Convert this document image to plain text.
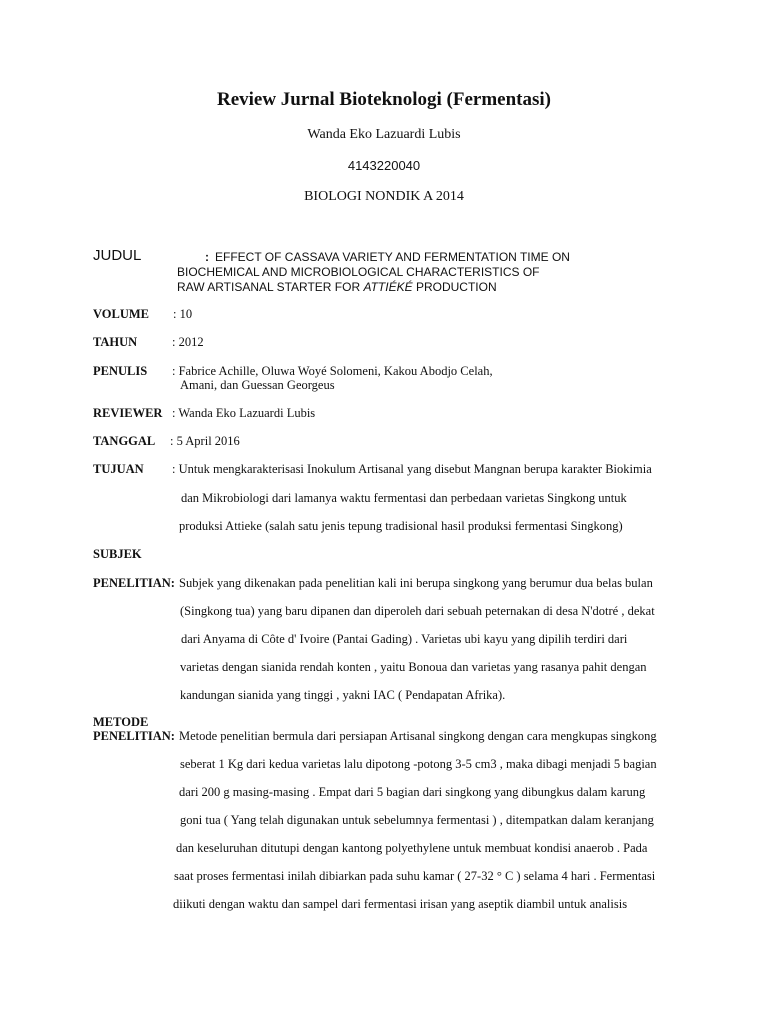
Review Jurnal Bioteknologi (Fermentasi)
Wanda Eko Lazuardi Lubis
4143220040
BIOLOGI NONDIK A 2014
JUDUL	: EFFECT OF CASSAVA VARIETY AND FERMENTATION TIME ON
BIOCHEMICAL AND MICROBIOLOGICAL CHARACTERISTICS OF
RAW ARTISANAL STARTER FOR ATTIÉKÉ PRODUCTION
VOLUME : 10
TAHUN	: 2012
PENULIS : Fabrice Achille, Oluwa Woyé Solomeni, Kakou Abodjo Celah,
Amani, dan Guessan Georgeus
REVIEWER : Wanda Eko Lazuardi Lubis
TANGGAL : 5 April 2016
TUJUAN : Untuk mengkarakterisasi Inokulum Artisanal yang disebut Mangnan berupa karakter Biokimia
dan Mikrobiologi dari lamanya waktu fermentasi dan perbedaan varietas Singkong untuk
produksi Attieke (salah satu jenis tepung tradisional hasil produksi fermentasi Singkong)
SUBJEK
PENELITIAN: Subjek yang dikenakan pada penelitian kali ini berupa singkong yang berumur dua belas bulan
(Singkong tua) yang baru dipanen dan diperoleh dari sebuah peternakan di desa N'dotré , dekat
dari Anyama di Côte d' Ivoire (Pantai Gading) . Varietas ubi kayu yang dipilih terdiri dari
varietas dengan sianida rendah konten , yaitu Bonoua dan varietas yang rasanya pahit dengan
kandungan sianida yang tinggi , yakni IAC ( Pendapatan Afrika).
METODE
PENELITIAN: Metode penelitian bermula dari persiapan Artisanal singkong dengan cara mengkupas singkong
seberat 1 Kg dari kedua varietas lalu dipotong -potong 3-5 cm3 , maka dibagi menjadi 5 bagian
dari 200 g masing-masing . Empat dari 5 bagian dari singkong yang dibungkus dalam karung
goni tua ( Yang telah digunakan untuk sebelumnya fermentasi ) , ditempatkan dalam keranjang
dan keseluruhan ditutupi dengan kantong polyethylene untuk membuat kondisi anaerob . Pada
saat proses fermentasi inilah dibiarkan pada suhu kamar ( 27-32 ° C ) selama 4 hari . Fermentasi
diikuti dengan waktu dan sampel dari fermentasi irisan yang aseptik diambil untuk analisis
